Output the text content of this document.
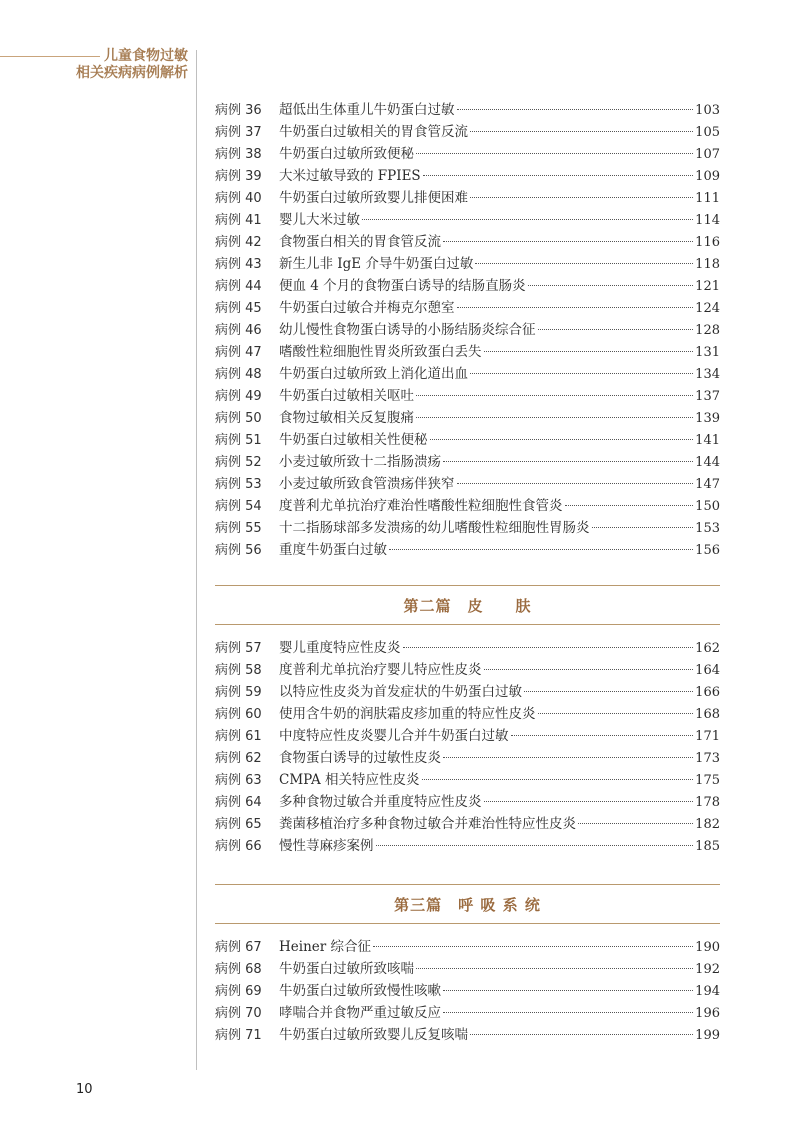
儿童食物过敏
相关疾病病例解析
病例 36	超低出生体重儿牛奶蛋白过敏	103
病例 37	牛奶蛋白过敏相关的胃食管反流	105
病例 38	牛奶蛋白过敏所致便秘	107
病例 39	大米过敏导致的 FPIES	109
病例 40	牛奶蛋白过敏所致婴儿排便困难	111
病例 41	婴儿大米过敏	114
病例 42	食物蛋白相关的胃食管反流	116
病例 43	新生儿非 IgE 介导牛奶蛋白过敏	118
病例 44	便血 4 个月的食物蛋白诱导的结肠直肠炎	121
病例 45	牛奶蛋白过敏合并梅克尔憩室	124
病例 46	幼儿慢性食物蛋白诱导的小肠结肠炎综合征	128
病例 47	嗜酸性粒细胞性胃炎所致蛋白丢失	131
病例 48	牛奶蛋白过敏所致上消化道出血	134
病例 49	牛奶蛋白过敏相关呕吐	137
病例 50	食物过敏相关反复腹痛	139
病例 51	牛奶蛋白过敏相关性便秘	141
病例 52	小麦过敏所致十二指肠溃疡	144
病例 53	小麦过敏所致食管溃疡伴狭窄	147
病例 54	度普利尤单抗治疗难治性嗜酸性粒细胞性食管炎	150
病例 55	十二指肠球部多发溃疡的幼儿嗜酸性粒细胞性胃肠炎	153
病例 56	重度牛奶蛋白过敏	156
第二篇　皮　　肤
病例 57	婴儿重度特应性皮炎	162
病例 58	度普利尤单抗治疗婴儿特应性皮炎	164
病例 59	以特应性皮炎为首发症状的牛奶蛋白过敏	166
病例 60	使用含牛奶的润肤霜皮疹加重的特应性皮炎	168
病例 61	中度特应性皮炎婴儿合并牛奶蛋白过敏	171
病例 62	食物蛋白诱导的过敏性皮炎	173
病例 63	CMPA 相关特应性皮炎	175
病例 64	多种食物过敏合并重度特应性皮炎	178
病例 65	粪菌移植治疗多种食物过敏合并难治性特应性皮炎	182
病例 66	慢性荨麻疹案例	185
第三篇　呼 吸 系 统
病例 67	Heiner 综合征	190
病例 68	牛奶蛋白过敏所致咳喘	192
病例 69	牛奶蛋白过敏所致慢性咳嗽	194
病例 70	哮喘合并食物严重过敏反应	196
病例 71	牛奶蛋白过敏所致婴儿反复咳喘	199
10
